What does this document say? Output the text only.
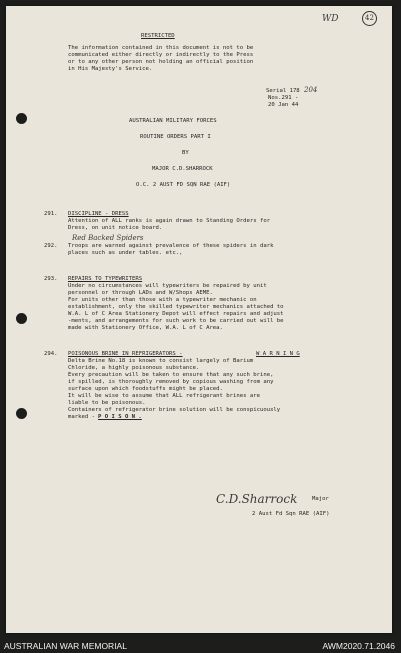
WD	42
RESTRICTED
The information contained in this document is not to be
communicated either directly or indirectly to the Press
or to any other person not holding an official position
in His Majesty's Service.
Serial 178 204
Nos.291 -
20 Jan 44
AUSTRALIAN MILITARY FORCES
ROUTINE ORDERS PART I
BY
MAJOR C.D.SHARROCK
O.C. 2 AUST FD SQN RAE (AIF)
291. DISCIPLINE - DRESS
Attention of ALL ranks is again drawn to Standing Orders for
Dress, on unit notice board.
Red Backed Spiders
292. Troops are warned against prevalence of these spiders in dark
places such as under tables. etc.,
293. REPAIRS TO TYPEWRITERS
Under no circumstances will typewriters be repaired by unit
personnel or through LADs and W/Shops AEME.
For units other than those with a typewriter mechanic on
establishment, only the skilled typewriter mechanics attached to
W.A. L of C Area Stationery Depot will effect repairs and adjust
-ments, and arrangements for such work to be carried out will be
made with Stationery Office, W.A. L of C Area.
294. POISONOUS BRINE IN REFRIGERATORS -	W A R N I N G
Delta Brine No.18 is known to consist largely of Barium
Chloride, a highly poisonous substance.
Every precaution will be taken to ensure that any such brine,
if spilled, is thoroughly removed by copious washing from any
surface upon which foodstuffs might be placed.
It will be wise to assume that ALL refrigerant brines are
liable to be poisonous.
Containers of refrigerator brine solution will be conspicuously
marked - P O I S O N .
C.D.Sharrock	Major
2 Aust Fd Sqn RAE (AIF)
AUSTRALIAN WAR MEMORIAL	AWM2020.71.2046
